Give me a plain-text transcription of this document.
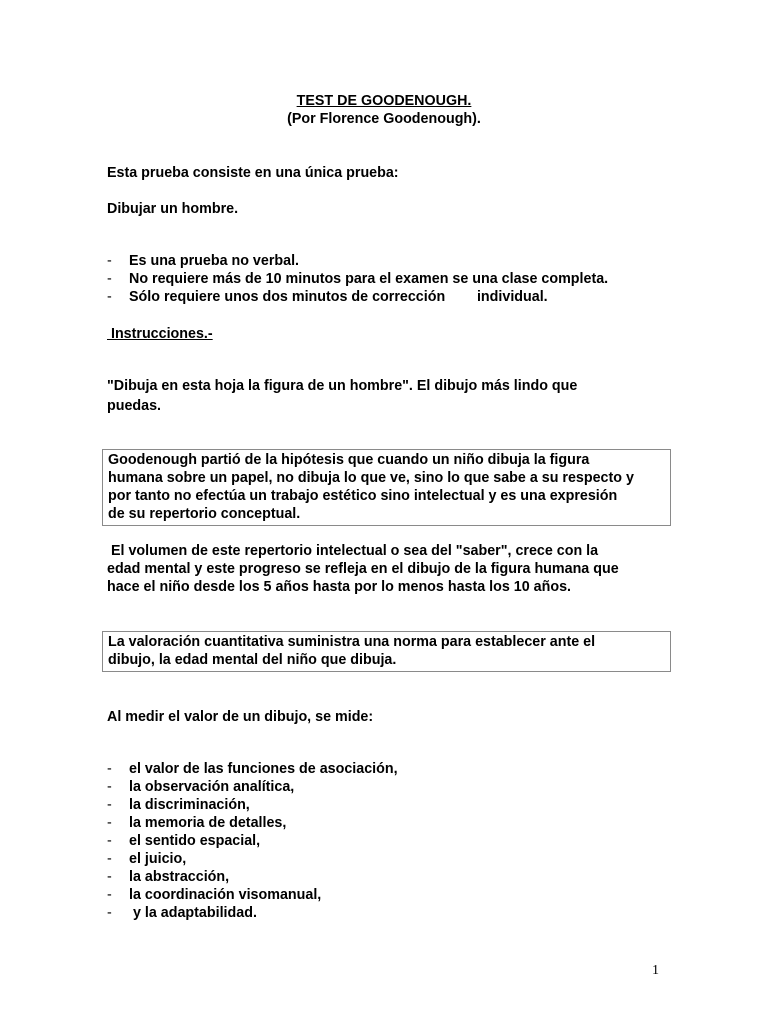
TEST DE GOODENOUGH.
(Por Florence Goodenough).
Esta prueba consiste en una única prueba:
Dibujar un hombre.
- Es una prueba no verbal.
- No requiere más de 10 minutos para el examen se una clase completa.
- Sólo requiere unos dos minutos de corrección        individual.
Instrucciones.-
"Dibuja en esta hoja la figura de un hombre". El dibujo más lindo que
puedas.
Goodenough partió de la hipótesis que cuando un niño dibuja la figura
humana sobre un papel, no dibuja lo que ve, sino lo que sabe a su respecto y
por tanto no efectúa un trabajo estético sino intelectual y es una expresión
de su repertorio conceptual.
El volumen de este repertorio intelectual o sea del "saber", crece con la
edad mental y este progreso se refleja en el dibujo de la figura humana que
hace el niño desde los 5 años hasta por lo menos hasta los 10 años.
La valoración cuantitativa suministra una norma para establecer ante el
dibujo, la edad mental del niño que dibuja.
Al medir el valor de un dibujo, se mide:
- el valor de las funciones de asociación,
- la observación analítica,
- la discriminación,
- la memoria de detalles,
- el sentido espacial,
- el juicio,
- la abstracción,
- la coordinación visomanual,
- y la adaptabilidad.
1
